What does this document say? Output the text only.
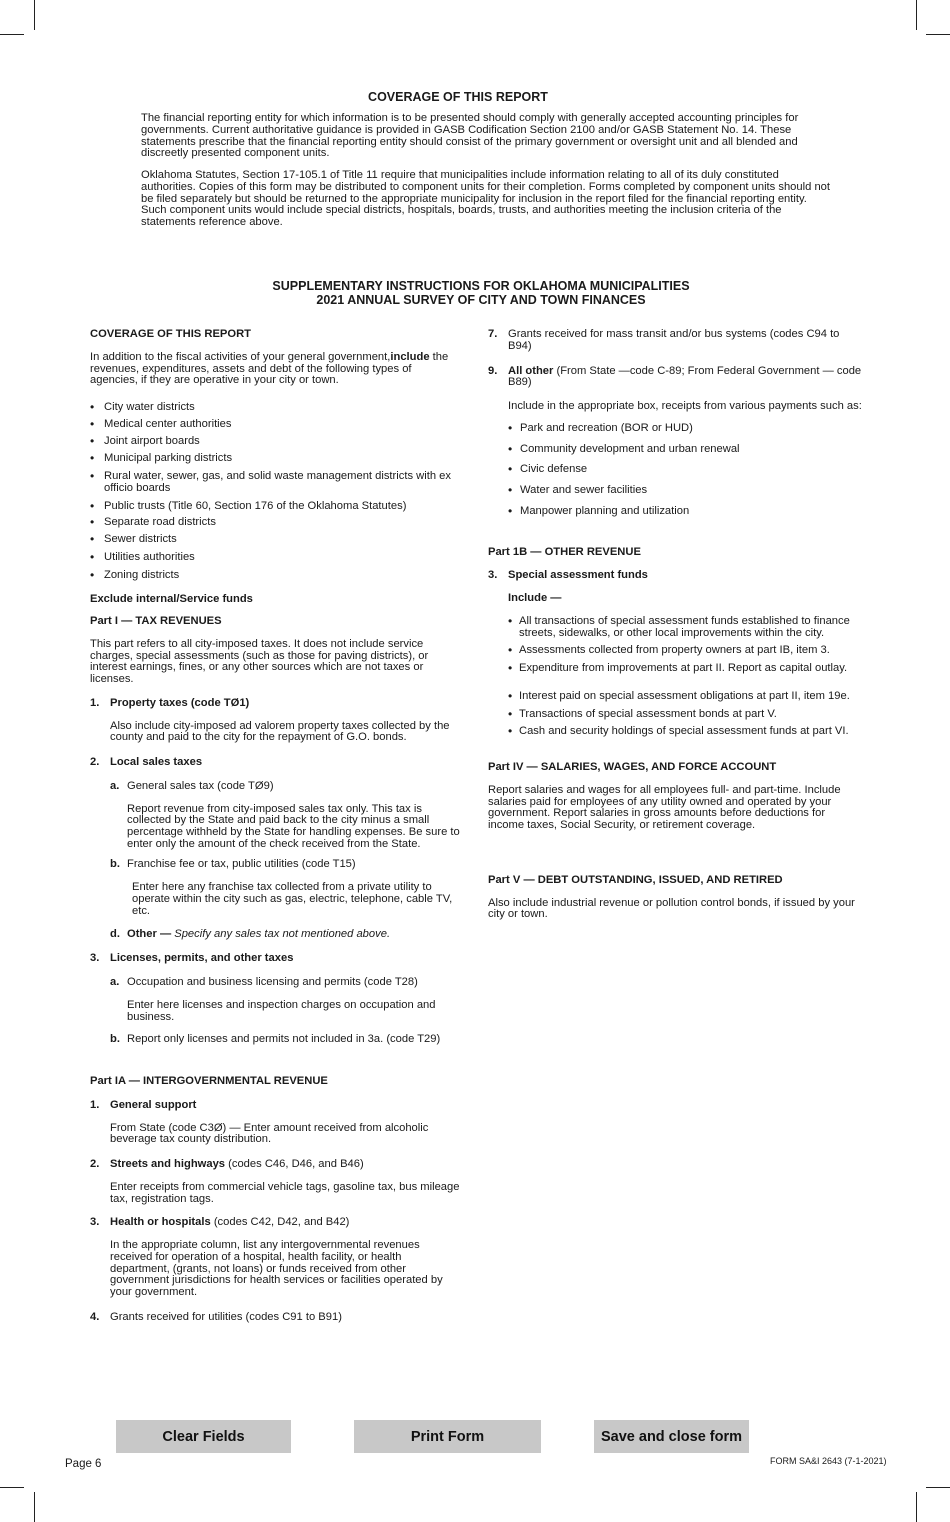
COVERAGE OF THIS REPORT

The financial reporting entity for which information is to be presented should comply with generally accepted accounting principles for governments. Current authoritative guidance is provided in GASB Codification Section 2100 and/or GASB Statement No. 14. These statements prescribe that the financial reporting entity should consist of the primary government or oversight unit and all blended and discreetly presented component units.

Oklahoma Statutes, Section 17-105.1 of Title 11 require that municipalities include information relating to all of its duly constituted authorities. Copies of this form may be distributed to component units for their completion. Forms completed by component units should not be filed separately but should be returned to the appropriate municipality for inclusion in the report filed for the financial reporting entity. Such component units would include special districts, hospitals, boards, trusts, and authorities meeting the inclusion criteria of the statements reference above.

SUPPLEMENTARY INSTRUCTIONS FOR OKLAHOMA MUNICIPALITIES
2021 ANNUAL SURVEY OF CITY AND TOWN FINANCES

COVERAGE OF THIS REPORT

In addition to the fiscal activities of your general government,include the revenues, expenditures, assets and debt of the following types of agencies, if they are operative in your city or town.

• City water districts
• Medical center authorities
• Joint airport boards
• Municipal parking districts
• Rural water, sewer, gas, and solid waste management districts with ex officio boards
• Public trusts (Title 60, Section 176 of the Oklahoma Statutes)
• Separate road districts
• Sewer districts
• Utilities authorities
• Zoning districts

Exclude internal/Service funds

Part I — TAX REVENUES

This part refers to all city-imposed taxes. It does not include service charges, special assessments (such as those for paving districts), or interest earnings, fines, or any other sources which are not taxes or licenses.

1. Property taxes (code TØ1)

Also include city-imposed ad valorem property taxes collected by the county and paid to the city for the repayment of G.O. bonds.

2. Local sales taxes
a. General sales tax (code TØ9)

Report revenue from city-imposed sales tax only. This tax is collected by the State and paid back to the city minus a small percentage withheld by the State for handling expenses. Be sure to enter only the amount of the check received from the State.

b. Franchise fee or tax, public utilities (code T15)

Enter here any franchise tax collected from a private utility to operate within the city such as gas, electric, telephone, cable TV, etc.

d. Other — Specify any sales tax not mentioned above.
3. Licenses, permits, and other taxes
a. Occupation and business licensing and permits (code T28)

Enter here licenses and inspection charges on occupation and business.

b. Report only licenses and permits not included in 3a. (code T29)

Part IA — INTERGOVERNMENTAL REVENUE

1. General support

From State (code C3Ø) — Enter amount received from alcoholic beverage tax county distribution.

2. Streets and highways (codes C46, D46, and B46)

Enter receipts from commercial vehicle tags, gasoline tax, bus mileage tax, registration tags.

3. Health or hospitals (codes C42, D42, and B42)

In the appropriate column, list any intergovernmental revenues received for operation of a hospital, health facility, or health department, (grants, not loans) or funds received from other government jurisdictions for health services or facilities operated by your government.

4. Grants received for utilities (codes C91 to B91)
7. Grants received for mass transit and/or bus systems (codes C94 to B94)
9. All other (From State —code C-89; From Federal Government — code B89)

Include in the appropriate box, receipts from various payments such as:

• Park and recreation (BOR or HUD)
• Community development and urban renewal
• Civic defense
• Water and sewer facilities
• Manpower planning and utilization

Part 1B — OTHER REVENUE

3. Special assessment funds

Include —

• All transactions of special assessment funds established to finance streets, sidewalks, or other local improvements within the city.
• Assessments collected from property owners at part IB, item 3.
• Expenditure from improvements at part II. Report as capital outlay.
• Interest paid on special assessment obligations at part II, item 19e.
• Transactions of special assessment bonds at part V.
• Cash and security holdings of special assessment funds at part VI.

Part IV — SALARIES, WAGES, AND FORCE ACCOUNT

Report salaries and wages for all employees full- and part-time. Include salaries paid for employees of any utility owned and operated by your government. Report salaries in gross amounts before deductions for income taxes, Social Security, or retirement coverage.

Part V — DEBT OUTSTANDING, ISSUED, AND RETIRED

Also include industrial revenue or pollution control bonds, if issued by your city or town.

Clear Fields	Print Form	Save and close form
Page 6	FORM SA&I 2643 (7-1-2021)
